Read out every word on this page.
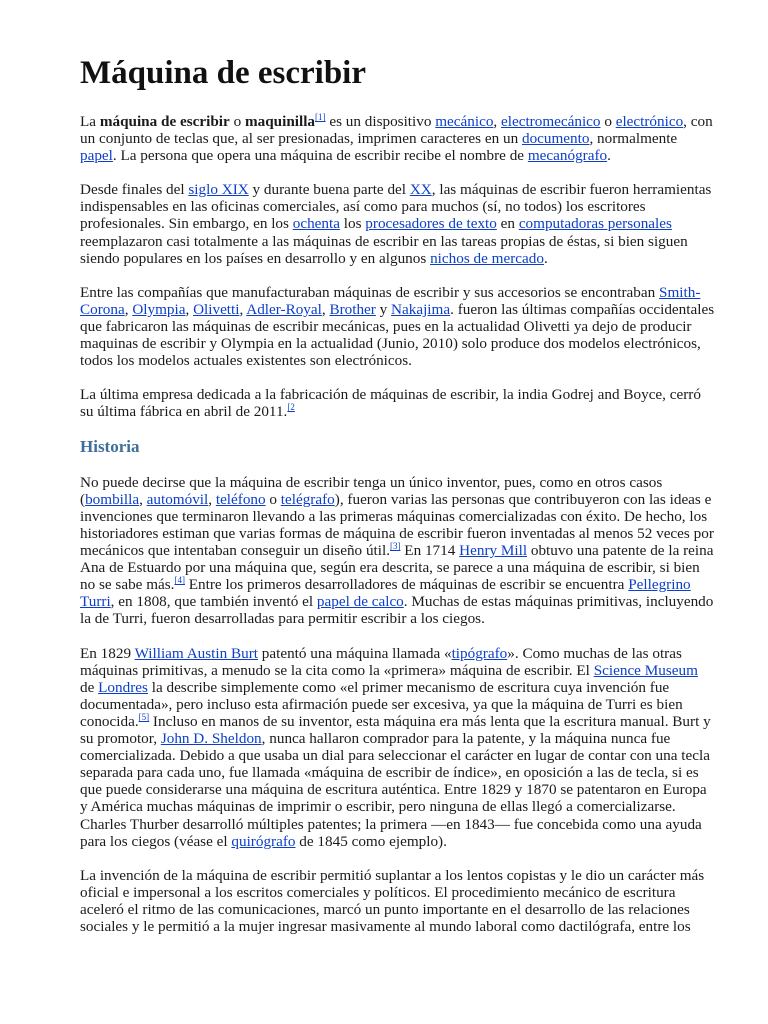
Máquina de escribir

La máquina de escribir o maquinilla[1] es un dispositivo mecánico, electromecánico o electrónico, con un conjunto de teclas que, al ser presionadas, imprimen caracteres en un documento, normalmente papel. La persona que opera una máquina de escribir recibe el nombre de mecanógrafo.

Desde finales del siglo XIX y durante buena parte del XX, las máquinas de escribir fueron herramientas indispensables en las oficinas comerciales, así como para muchos (sí, no todos) los escritores profesionales. Sin embargo, en los ochenta los procesadores de texto en computadoras personales reemplazaron casi totalmente a las máquinas de escribir en las tareas propias de éstas, si bien siguen siendo populares en los países en desarrollo y en algunos nichos de mercado.

Entre las compañías que manufacturaban máquinas de escribir y sus accesorios se encontraban Smith-Corona, Olympia, Olivetti, Adler-Royal, Brother y Nakajima. fueron las últimas compañías occidentales que fabricaron las máquinas de escribir mecánicas, pues en la actualidad Olivetti ya dejo de producir maquinas de escribir y Olympia en la actualidad (Junio, 2010) solo produce dos modelos electrónicos, todos los modelos actuales existentes son electrónicos.

La última empresa dedicada a la fabricación de máquinas de escribir, la india Godrej and Boyce, cerró su última fábrica en abril de 2011.$^{[2}$

Historia

No puede decirse que la máquina de escribir tenga un único inventor, pues, como en otros casos (bombilla, automóvil, teléfono o telégrafo), fueron varias las personas que contribuyeron con las ideas e invenciones que terminaron llevando a las primeras máquinas comercializadas con éxito. De hecho, los historiadores estiman que varias formas de máquina de escribir fueron inventadas al menos 52 veces por mecánicos que intentaban conseguir un diseño útil.[3] En 1714 Henry Mill obtuvo una patente de la reina Ana de Estuardo por una máquina que, según era descrita, se parece a una máquina de escribir, si bien no se sabe más.[4] Entre los primeros desarrolladores de máquinas de escribir se encuentra Pellegrino Turri, en 1808, que también inventó el papel de calco. Muchas de estas máquinas primitivas, incluyendo la de Turri, fueron desarrolladas para permitir escribir a los ciegos.

En 1829 William Austin Burt patentó una máquina llamada «tipógrafo». Como muchas de las otras máquinas primitivas, a menudo se la cita como la «primera» máquina de escribir. El Science Museum de Londres la describe simplemente como «el primer mecanismo de escritura cuya invención fue documentada», pero incluso esta afirmación puede ser excesiva, ya que la máquina de Turri es bien conocida.[5] Incluso en manos de su inventor, esta máquina era más lenta que la escritura manual. Burt y su promotor, John D. Sheldon, nunca hallaron comprador para la patente, y la máquina nunca fue comercializada. Debido a que usaba un dial para seleccionar el carácter en lugar de contar con una tecla separada para cada uno, fue llamada «máquina de escribir de índice», en oposición a las de tecla, si es que puede considerarse una máquina de escritura auténtica. Entre 1829 y 1870 se patentaron en Europa y América muchas máquinas de imprimir o escribir, pero ninguna de ellas llegó a comercializarse. Charles Thurber desarrolló múltiples patentes; la primera —en 1843— fue concebida como una ayuda para los ciegos (véase el quirógrafo de 1845 como ejemplo).

La invención de la máquina de escribir permitió suplantar a los lentos copistas y le dio un carácter más oficial e impersonal a los escritos comerciales y políticos. El procedimiento mecánico de escritura aceleró el ritmo de las comunicaciones, marcó un punto importante en el desarrollo de las relaciones sociales y le permitió a la mujer ingresar masivamente al mundo laboral como dactilógrafa, entre los
